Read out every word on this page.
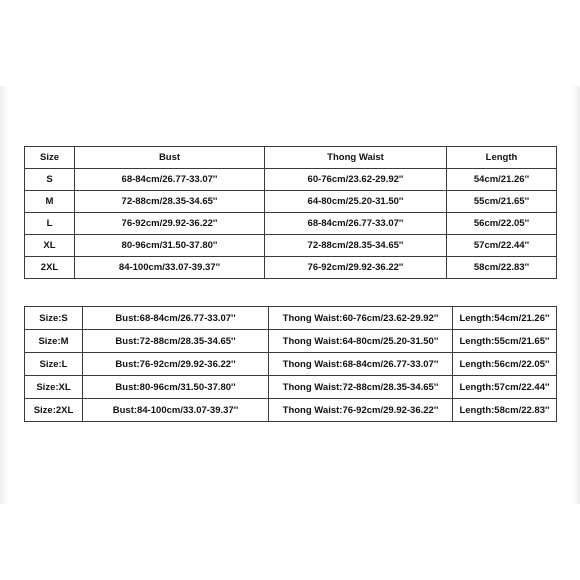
Size	Bust	Thong Waist	Length
S	68-84cm/26.77-33.07''	60-76cm/23.62-29.92''	54cm/21.26''
M	72-88cm/28.35-34.65''	64-80cm/25.20-31.50''	55cm/21.65''
L	76-92cm/29.92-36.22''	68-84cm/26.77-33.07''	56cm/22.05''
XL	80-96cm/31.50-37.80''	72-88cm/28.35-34.65''	57cm/22.44''
2XL	84-100cm/33.07-39.37''	76-92cm/29.92-36.22''	58cm/22.83''
Size:S	Bust:68-84cm/26.77-33.07''	Thong Waist:60-76cm/23.62-29.92''	Length:54cm/21.26''
Size:M	Bust:72-88cm/28.35-34.65''	Thong Waist:64-80cm/25.20-31.50''	Length:55cm/21.65''
Size:L	Bust:76-92cm/29.92-36.22''	Thong Waist:68-84cm/26.77-33.07''	Length:56cm/22.05''
Size:XL	Bust:80-96cm/31.50-37.80''	Thong Waist:72-88cm/28.35-34.65''	Length:57cm/22.44''
Size:2XL	Bust:84-100cm/33.07-39.37''	Thong Waist:76-92cm/29.92-36.22''	Length:58cm/22.83''
